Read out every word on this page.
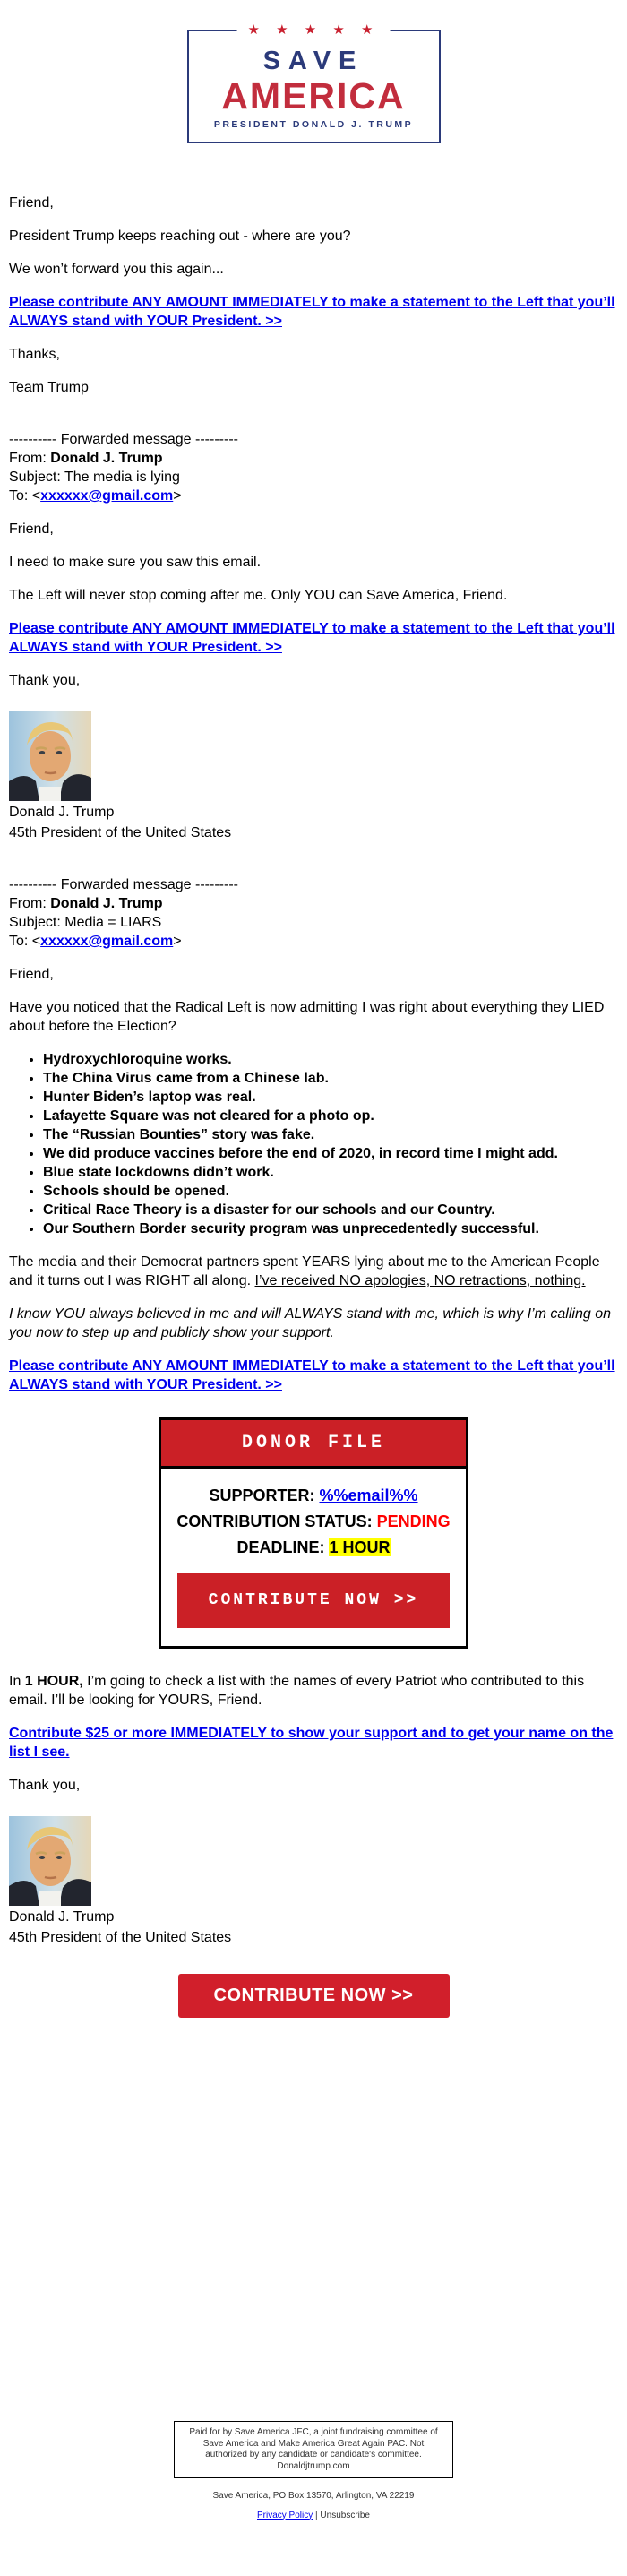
★ ★ ★ ★ ★
SAVE
AMERICA
PRESIDENT DONALD J. TRUMP

Friend,

President Trump keeps reaching out - where are you?

We won’t forward you this again...

Please contribute ANY AMOUNT IMMEDIATELY to make a statement to the Left that you’ll ALWAYS stand with YOUR President. >>

Thanks,

Team Trump

---------- Forwarded message ---------
From: Donald J. Trump
Subject: The media is lying
To: <xxxxxx@gmail.com>

Friend,

I need to make sure you saw this email.

The Left will never stop coming after me. Only YOU can Save America, Friend.

Please contribute ANY AMOUNT IMMEDIATELY to make a statement to the Left that you’ll ALWAYS stand with YOUR President. >>

Thank you,

Donald J. Trump
45th President of the United States
---------- Forwarded message ---------
From: Donald J. Trump
Subject: Media = LIARS
To: <xxxxxx@gmail.com>

Friend,

Have you noticed that the Radical Left is now admitting I was right about everything they LIED about before the Election?

• Hydroxychloroquine works.
• The China Virus came from a Chinese lab.
• Hunter Biden’s laptop was real.
• Lafayette Square was not cleared for a photo op.
• The “Russian Bounties” story was fake.
• We did produce vaccines before the end of 2020, in record time I might add.
• Blue state lockdowns didn’t work.
• Schools should be opened.
• Critical Race Theory is a disaster for our schools and our Country.
• Our Southern Border security program was unprecedentedly successful.

The media and their Democrat partners spent YEARS lying about me to the American People and it turns out I was RIGHT all along. I’ve received NO apologies, NO retractions, nothing.

I know YOU always believed in me and will ALWAYS stand with me, which is why I’m calling on you now to step up and publicly show your support.

Please contribute ANY AMOUNT IMMEDIATELY to make a statement to the Left that you’ll ALWAYS stand with YOUR President. >>

DONOR FILE
SUPPORTER: %%email%%
CONTRIBUTION STATUS: PENDING
DEADLINE: 1 HOUR
CONTRIBUTE NOW >>

In 1 HOUR, I’m going to check a list with the names of every Patriot who contributed to this email. I’ll be looking for YOURS, Friend.

Contribute $25 or more IMMEDIATELY to show your support and to get your name on the list I see.

Thank you,

Donald J. Trump
45th President of the United States
CONTRIBUTE NOW >>
Paid for by Save America JFC, a joint fundraising committee of Save America and Make America Great Again PAC. Not authorized by any candidate or candidate's committee. Donaldjtrump.com
Save America, PO Box 13570, Arlington, VA 22219
Privacy Policy | Unsubscribe
